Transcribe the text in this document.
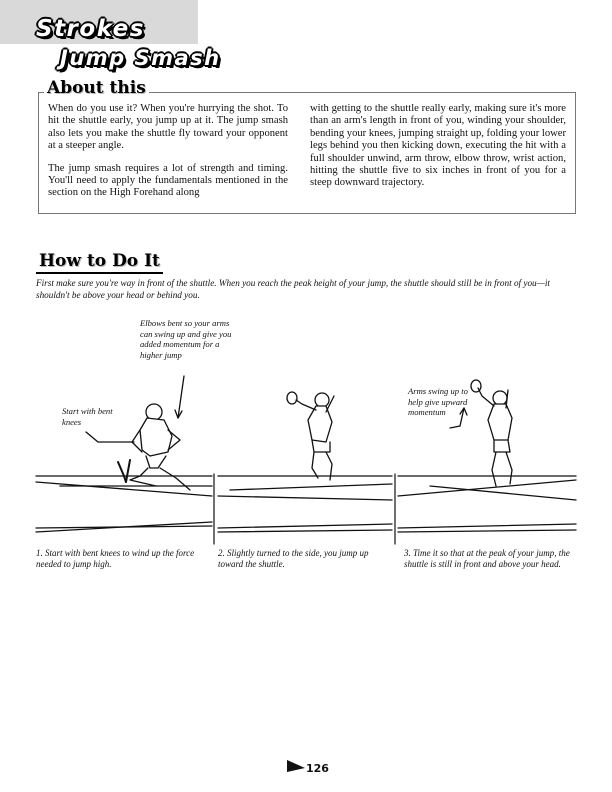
Strokes
Jump Smash
About this

When do you use it? When you're hurrying the shot. To hit the shuttle early, you jump up at it. The jump smash also lets you make the shuttle fly toward your opponent at a steeper angle.

The jump smash requires a lot of strength and timing. You'll need to apply the fundamentals mentioned in the section on the High Forehand along

with getting to the shuttle really early, making sure it's more than an arm's length in front of you, winding your shoulder, bending your knees, jumping straight up, folding your lower legs behind you then kicking down, executing the hit with a full shoulder unwind, arm throw, elbow throw, wrist action, hitting the shuttle five to six inches in front of you for a steep downward trajectory.

How to Do It
First make sure you're way in front of the shuttle. When you reach the peak height of your jump, the shuttle should still be in front of you—it shouldn't be above your head or behind you.
Elbows bent so your arms can swing up and give you added momentum for a higher jump
Start with bent knees
Arms swing up to help give upward momentum
1. Start with bent knees to wind up the force needed to jump high.
2. Slightly turned to the side, you jump up toward the shuttle.
3. Time it so that at the peak of your jump, the shuttle is still in front and above your head.
126
